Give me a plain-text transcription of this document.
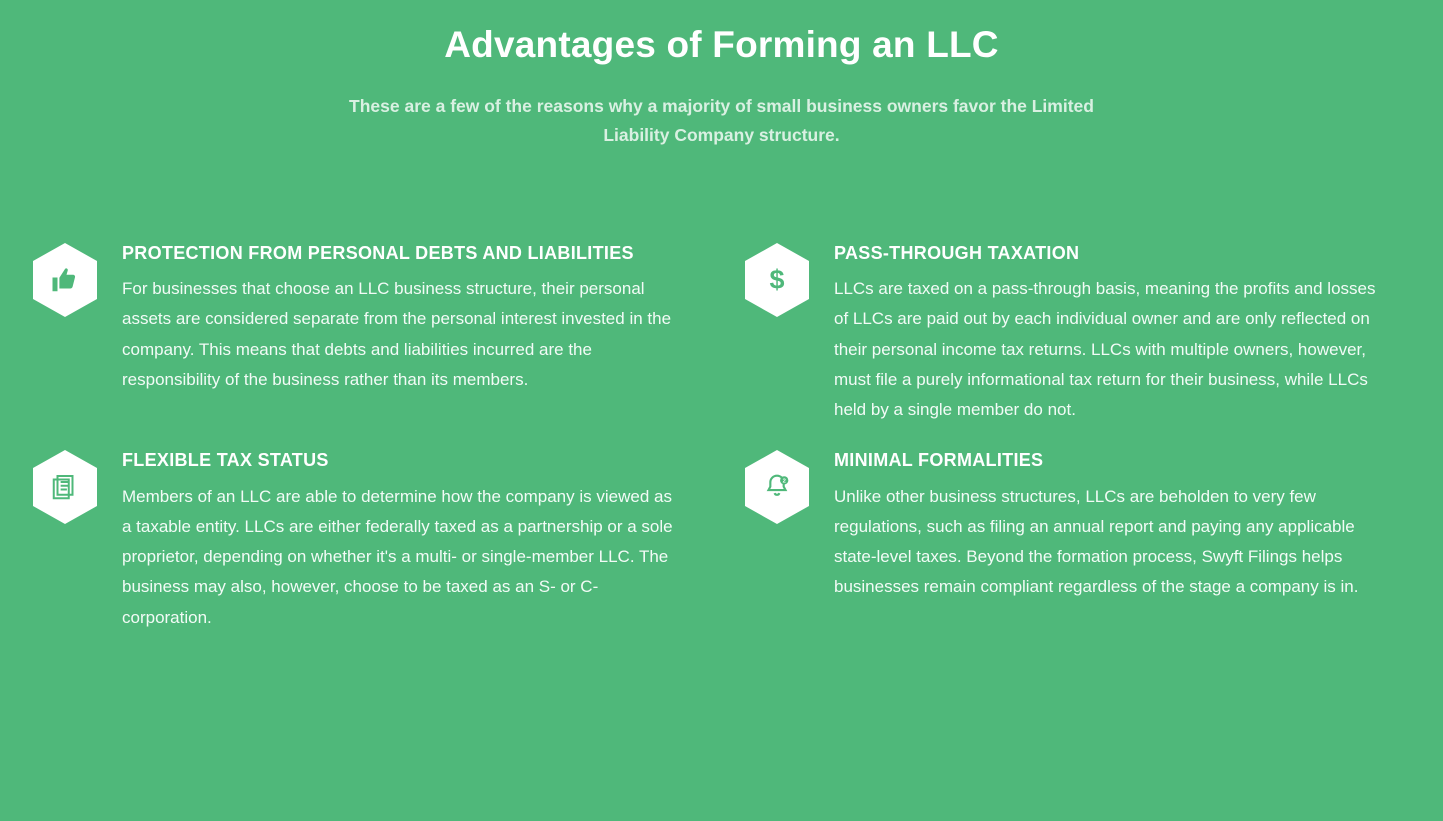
Advantages of Forming an LLC

These are a few of the reasons why a majority of small business owners favor the Limited Liability Company structure.

PROTECTION FROM PERSONAL DEBTS AND LIABILITIES

For businesses that choose an LLC business structure, their personal assets are considered separate from the personal interest invested in the company. This means that debts and liabilities incurred are the responsibility of the business rather than its members.

$
PASS-THROUGH TAXATION

LLCs are taxed on a pass-through basis, meaning the profits and losses of LLCs are paid out by each individual owner and are only reflected on their personal income tax returns. LLCs with multiple owners, however, must file a purely informational tax return for their business, while LLCs held by a single member do not.

FLEXIBLE TAX STATUS

Members of an LLC are able to determine how the company is viewed as a taxable entity. LLCs are either federally taxed as a partnership or a sole proprietor, depending on whether it's a multi- or single-member LLC. The business may also, however, choose to be taxed as an S- or C-corporation.

2
MINIMAL FORMALITIES

Unlike other business structures, LLCs are beholden to very few regulations, such as filing an annual report and paying any applicable state-level taxes. Beyond the formation process, Swyft Filings helps businesses remain compliant regardless of the stage a company is in.
